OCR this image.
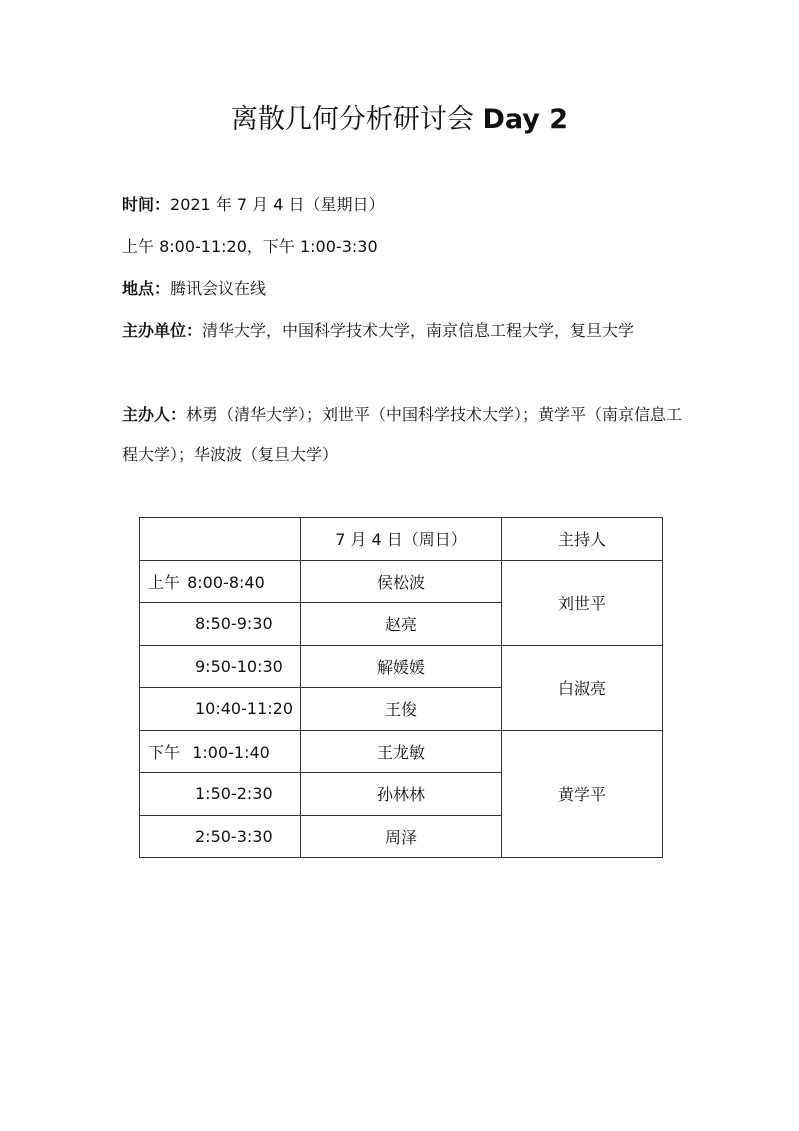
离散几何分析研讨会 Day 2
时间：2021 年 7 月 4 日（星期日）
上午 8:00-11:20，下午 1:00-3:30
地点：腾讯会议在线
主办单位：清华大学，中国科学技术大学，南京信息工程大学，复旦大学
主办人：林勇（清华大学）；刘世平（中国科学技术大学）；黄学平（南京信息工程大学）；华波波（复旦大学）
	7 月 4 日（周日）	主持人
上午 8:00-8:40	侯松波	刘世平
8:50-9:30	赵亮	
9:50-10:30	解媛媛	白淑亮
10:40-11:20	王俊	
下午 1:00-1:40	王龙敏	黄学平
1:50-2:30	孙林林	
2:50-3:30	周泽	
